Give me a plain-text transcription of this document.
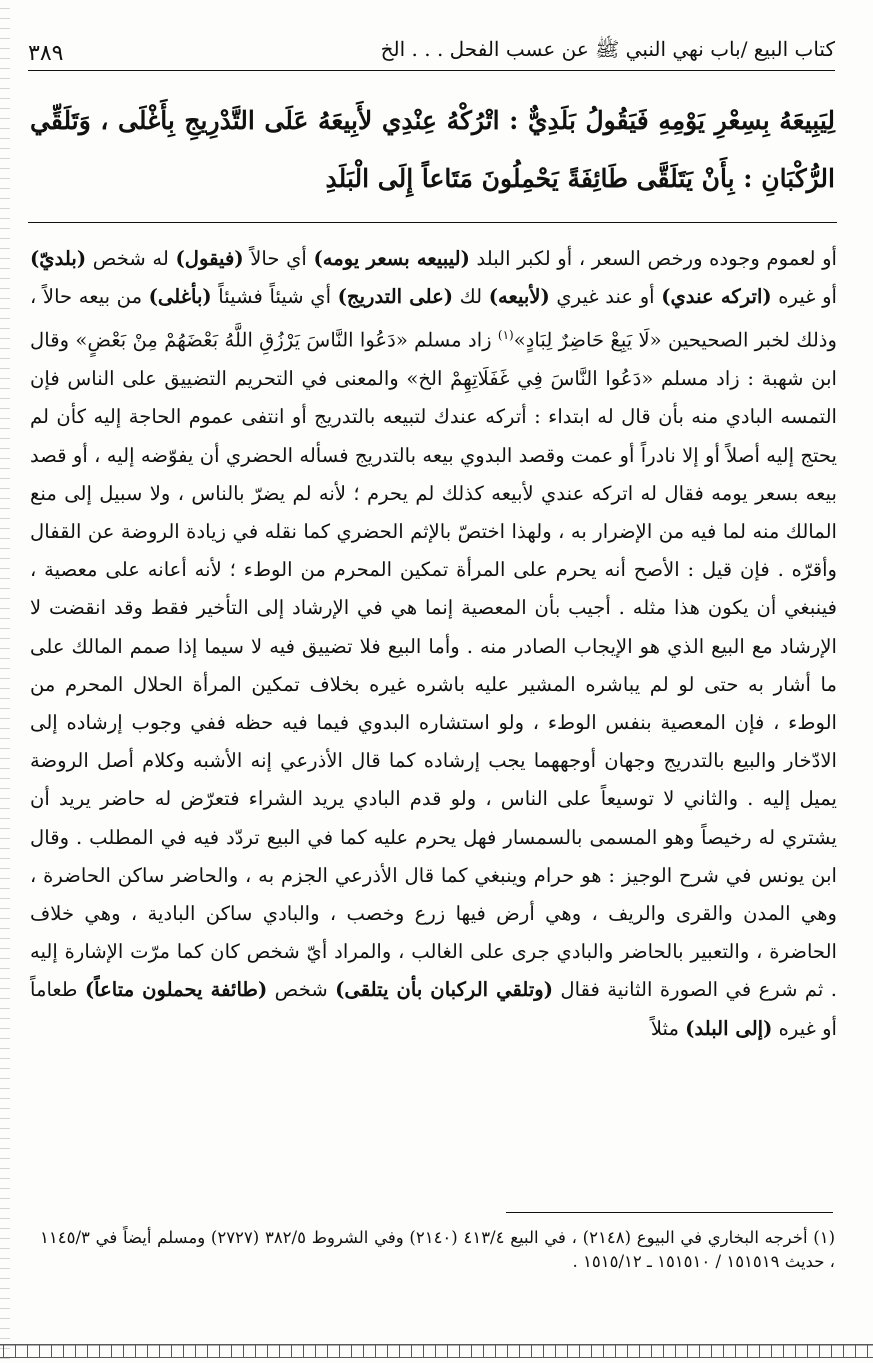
كتاب البيع /باب نهي النبي ﷺ عن عسب الفحل . . . الخ
٣٨٩
لِيَبِيعَهُ بِسِعْرِ يَوْمِهِ فَيَقُولُ بَلَدِيٌّ : اتْرُكْهُ عِنْدِي لأَبِيعَهُ عَلَى التَّدْرِيجِ بِأَغْلَى ، وَتَلَقِّي الرُّكْبَانِ : بِأَنْ يَتَلَقَّى طَائِفَةً يَحْمِلُونَ مَتَاعاً إِلَى الْبَلَدِ

أو لعموم وجوده ورخص السعر ، أو لكبر البلد (ليبيعه بسعر يومه) أي حالاً (فيقول) له شخص (بلديّ) أو غيره (اتركه عندي) أو عند غيري (لأبيعه) لك (على التدريج) أي شيئاً فشيئاً (بأغلى) من بيعه حالاً ، وذلك لخبر الصحيحين «لَا يَبِعْ حَاضِرٌ لِبَادٍ»$^{(١)}$ زاد مسلم «دَعُوا النَّاسَ يَرْزُقِ اللَّهُ بَعْضَهُمْ مِنْ بَعْضٍ» وقال ابن شهبة : زاد مسلم «دَعُوا النَّاسَ فِي غَفَلَاتِهِمْ الخ» والمعنى في التحريم التضييق على الناس فإن التمسه البادي منه بأن قال له ابتداء : أتركه عندك لتبيعه بالتدريج أو انتفى عموم الحاجة إليه كأن لم يحتج إليه أصلاً أو إلا نادراً أو عمت وقصد البدوي بيعه بالتدريج فسأله الحضري أن يفوّضه إليه ، أو قصد بيعه بسعر يومه فقال له اتركه عندي لأبيعه كذلك لم يحرم ؛ لأنه لم يضرّ بالناس ، ولا سبيل إلى منع المالك منه لما فيه من الإضرار به ، ولهذا اختصّ بالإثم الحضري كما نقله في زيادة الروضة عن القفال وأقرّه . فإن قيل : الأصح أنه يحرم على المرأة تمكين المحرم من الوطء ؛ لأنه أعانه على معصية ، فينبغي أن يكون هذا مثله . أجيب بأن المعصية إنما هي في الإرشاد إلى التأخير فقط وقد انقضت لا الإرشاد مع البيع الذي هو الإيجاب الصادر منه . وأما البيع فلا تضييق فيه لا سيما إذا صمم المالك على ما أشار به حتى لو لم يباشره المشير عليه باشره غيره بخلاف تمكين المرأة الحلال المحرم من الوطء ، فإن المعصية بنفس الوطء ، ولو استشاره البدوي فيما فيه حظه ففي وجوب إرشاده إلى الادّخار والبيع بالتدريج وجهان أوجههما يجب إرشاده كما قال الأذرعي إنه الأشبه وكلام أصل الروضة يميل إليه . والثاني لا توسيعاً على الناس ، ولو قدم البادي يريد الشراء فتعرّض له حاضر يريد أن يشتري له رخيصاً وهو المسمى بالسمسار فهل يحرم عليه كما في البيع تردّد فيه في المطلب . وقال ابن يونس في شرح الوجيز : هو حرام وينبغي كما قال الأذرعي الجزم به ، والحاضر ساكن الحاضرة ، وهي المدن والقرى والريف ، وهي أرض فيها زرع وخصب ، والبادي ساكن البادية ، وهي خلاف الحاضرة ، والتعبير بالحاضر والبادي جرى على الغالب ، والمراد أيّ شخص كان كما مرّت الإشارة إليه . ثم شرع في الصورة الثانية فقال (وتلقي الركبان بأن يتلقى) شخص (طائفة يحملون متاعاً) طعاماً أو غيره (إلى البلد) مثلاً

(١) أخرجه البخاري في البيوع (٢١٤٨) ، في البيع ٤١٣/٤ (٢١٤٠) وفي الشروط ٣٨٢/٥ (٢٧٢٧) ومسلم أيضاً في ١١٤٥/٣ ، حديث ١٥١٥١٩ / ١٥١٥١٠ ـ ١٥١٥/١٢ .
